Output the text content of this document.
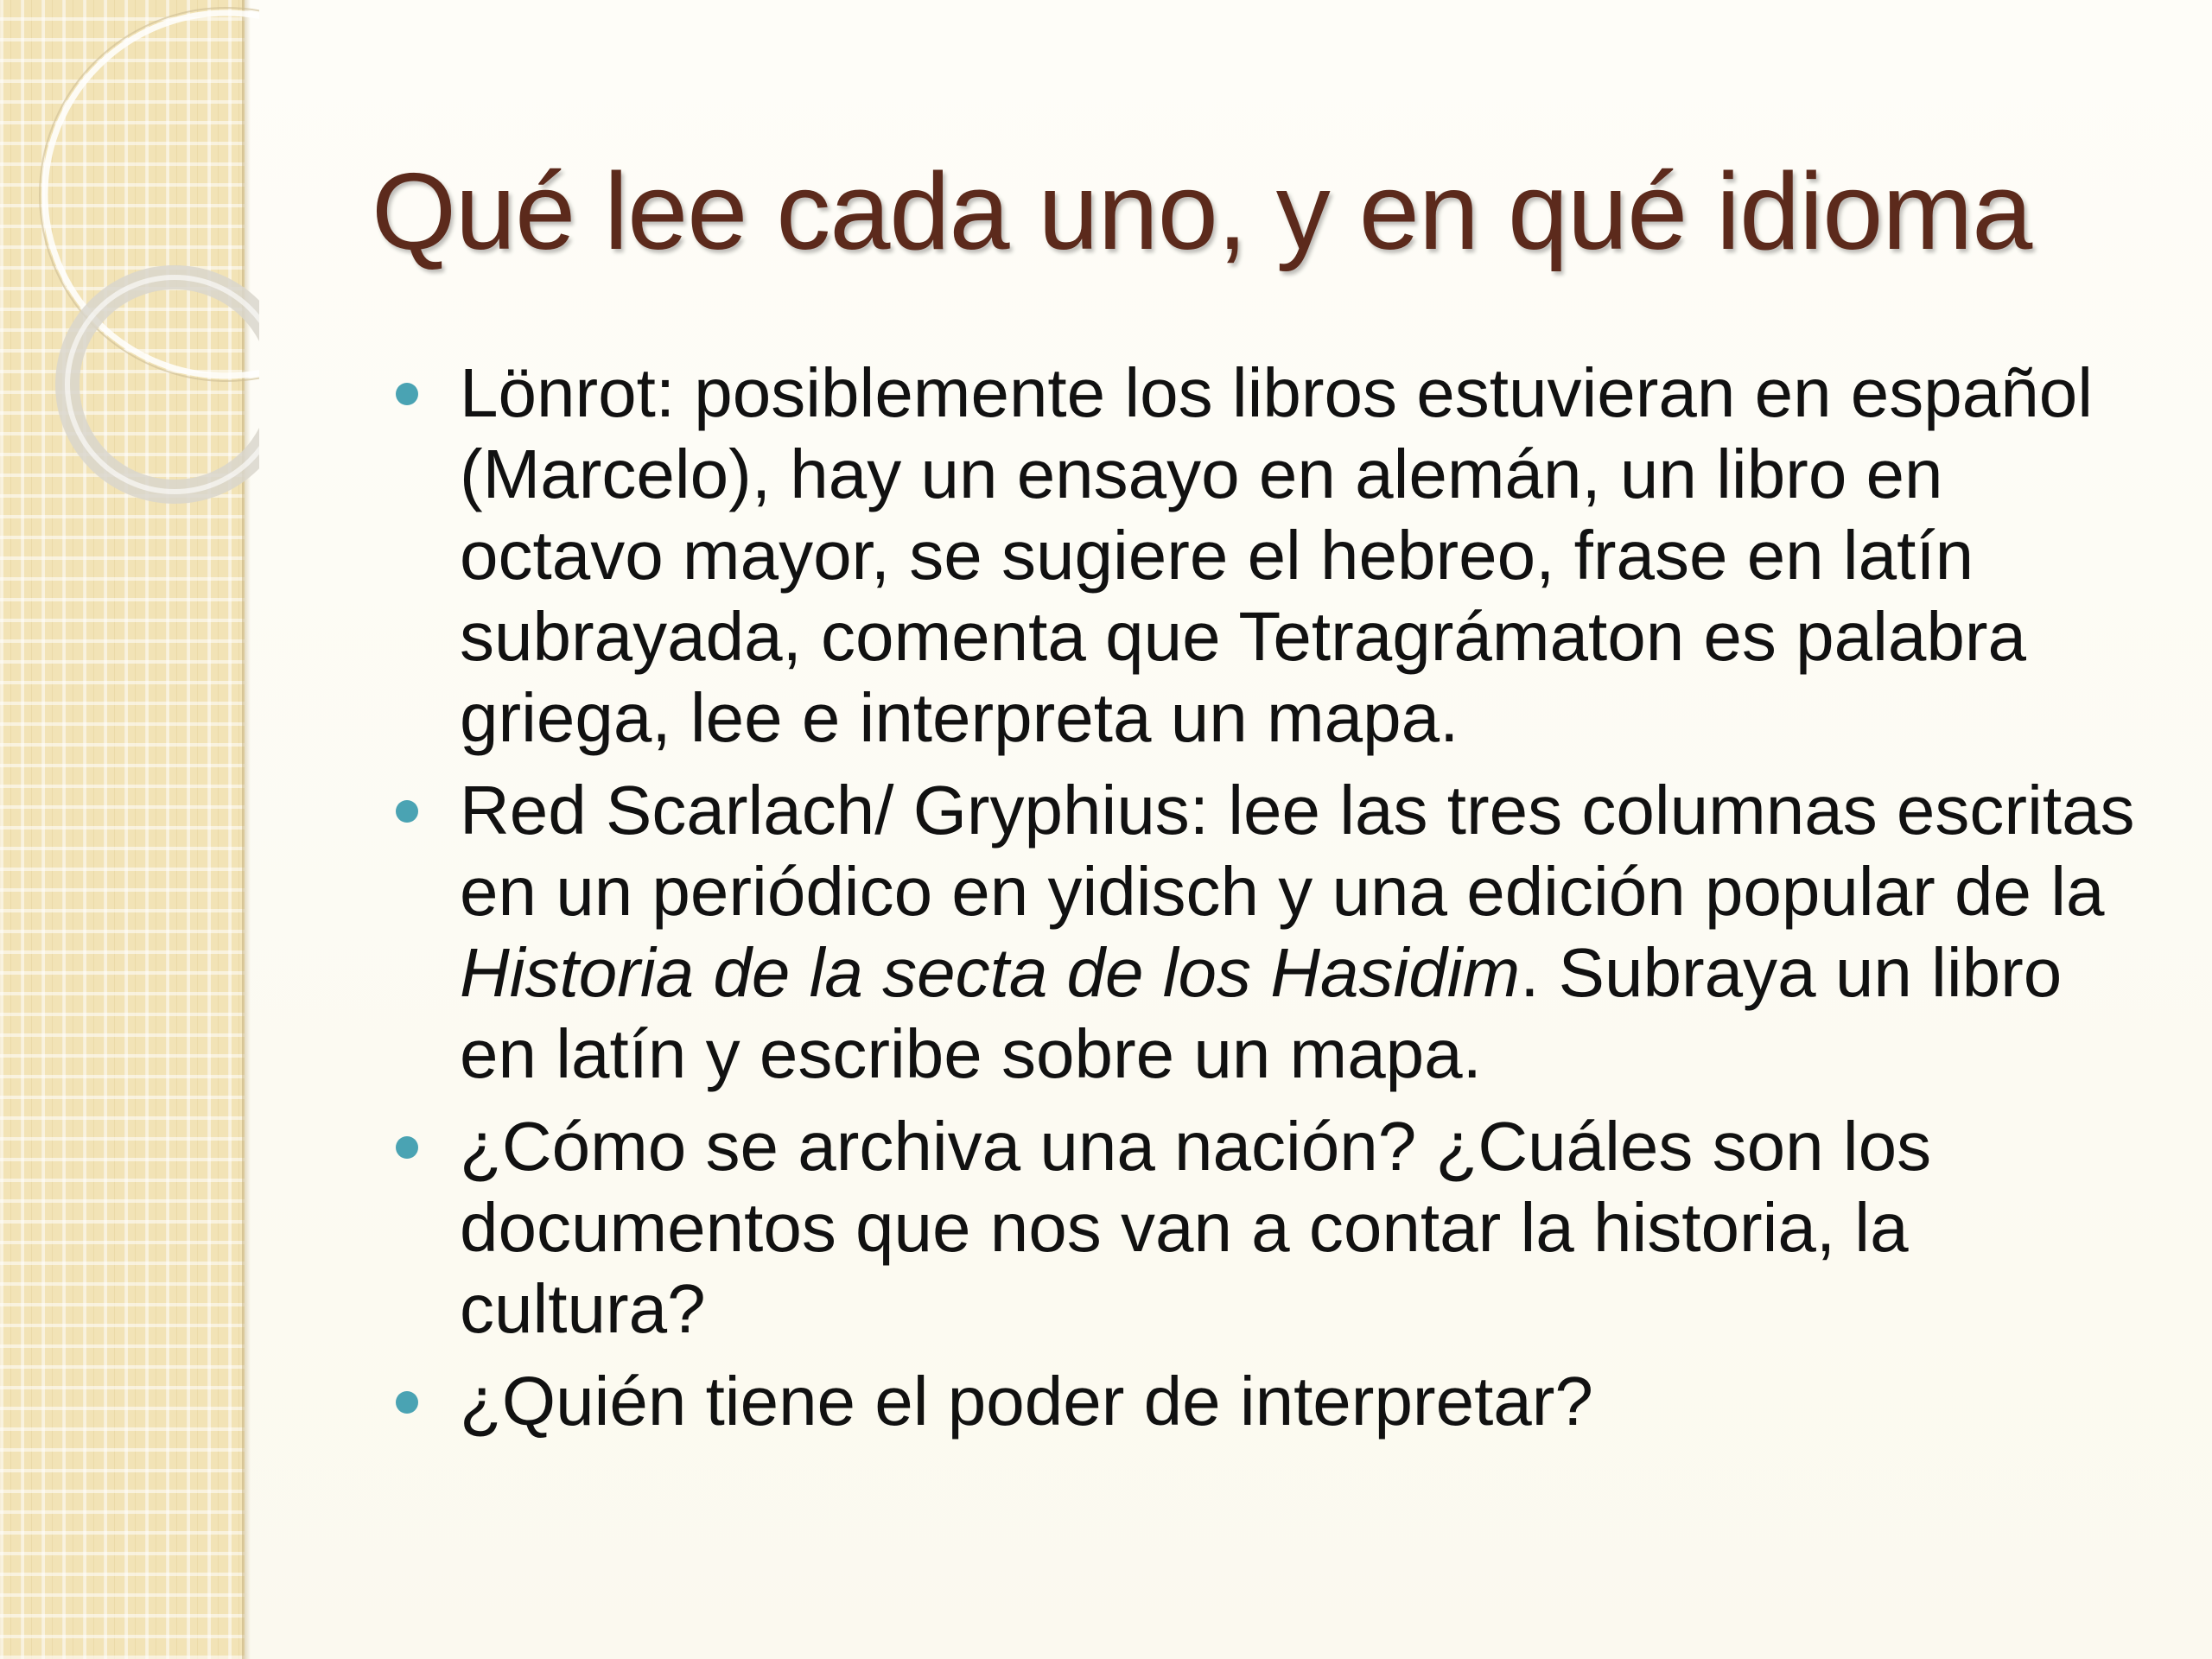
Qué lee cada uno, y en qué idioma
Lönrot: posiblemente los libros estuvieran en español (Marcelo), hay un ensayo en alemán, un libro en octavo mayor, se sugiere el hebreo, frase en latín subrayada, comenta que Tetragrámaton es palabra griega, lee e interpreta un mapa.
Red Scarlach/ Gryphius: lee las tres columnas escritas en un periódico en yidisch y una edición popular de la Historia de la secta de los Hasidim. Subraya un libro en latín y escribe sobre un mapa.
¿Cómo se archiva una nación? ¿Cuáles son los documentos que nos van a contar la historia, la cultura?
¿Quién tiene el poder de interpretar?
